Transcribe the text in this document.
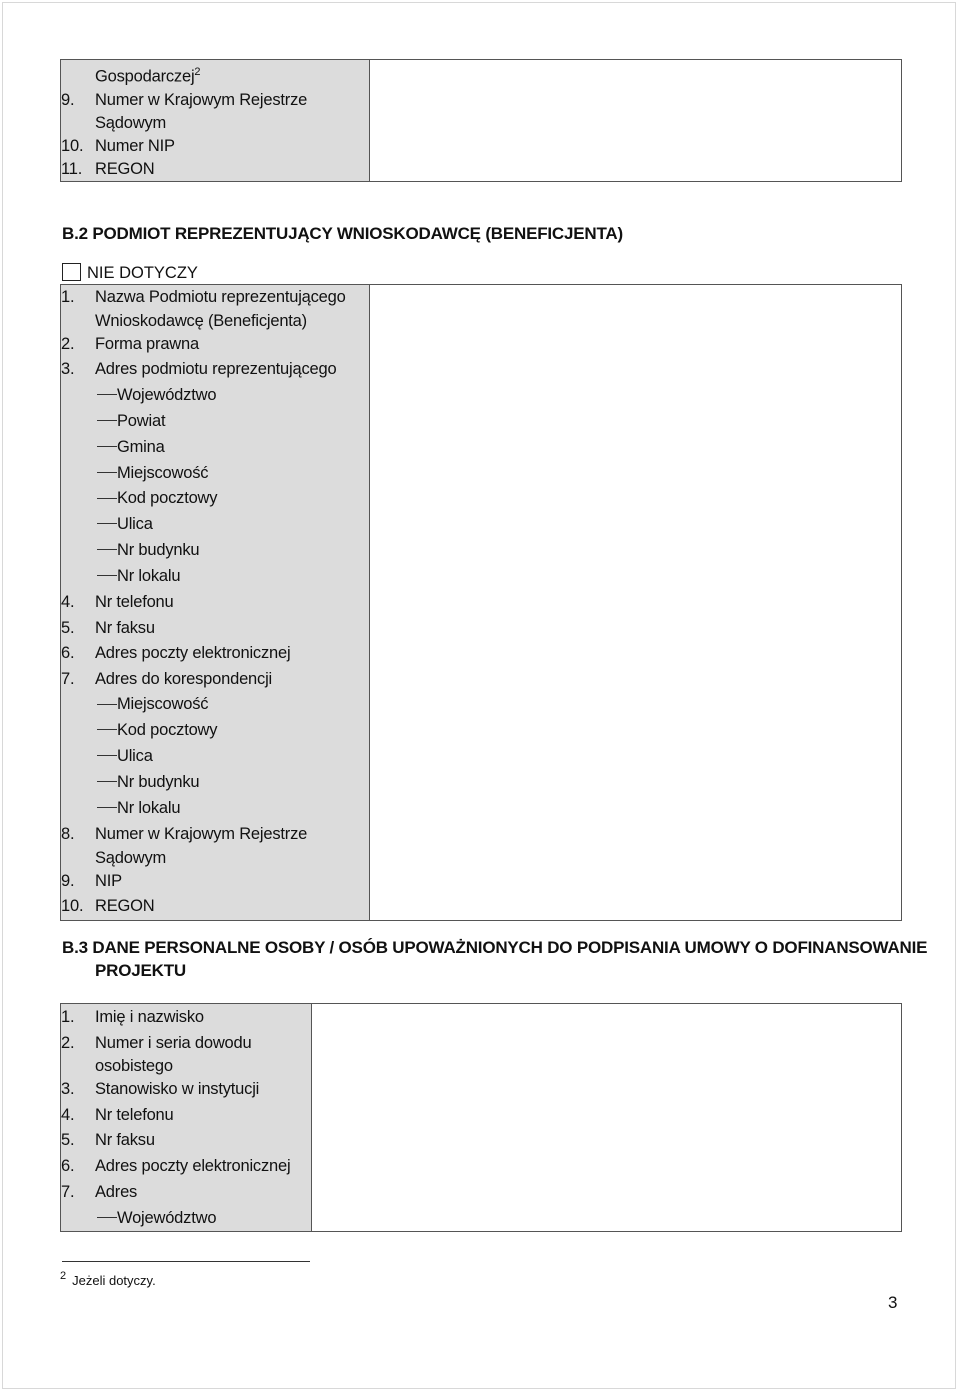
Gospodarczej$^2$
9. Numer w Krajowym Rejestrze
Sądowym
10. Numer NIP
11. REGON

B.2 PODMIOT REPREZENTUJĄCY WNIOSKODAWCĘ (BENEFICJENTA)
NIE DOTYCZY
1. Nazwa Podmiotu reprezentującego
Wnioskodawcę (Beneficjenta)
2. Forma prawna
3. Adres podmiotu reprezentującego
Województwo
Powiat
Gmina
Miejscowość
Kod pocztowy
Ulica
Nr budynku
Nr lokalu
4. Nr telefonu
5. Nr faksu
6. Adres poczty elektronicznej
7. Adres do korespondencji
Miejscowość
Kod pocztowy
Ulica
Nr budynku
Nr lokalu
8. Numer w Krajowym Rejestrze
Sądowym
9. NIP
10. REGON

B.3 DANE PERSONALNE OSOBY / OSÓB UPOWAŻNIONYCH DO PODPISANIA UMOWY O DOFINANSOWANIE
PROJEKTU
1. Imię i nazwisko
2. Numer i seria dowodu
osobistego
3. Stanowisko w instytucji
4. Nr telefonu
5. Nr faksu
6. Adres poczty elektronicznej
7. Adres
Województwo

$^2$ Jeżeli dotyczy.
3
